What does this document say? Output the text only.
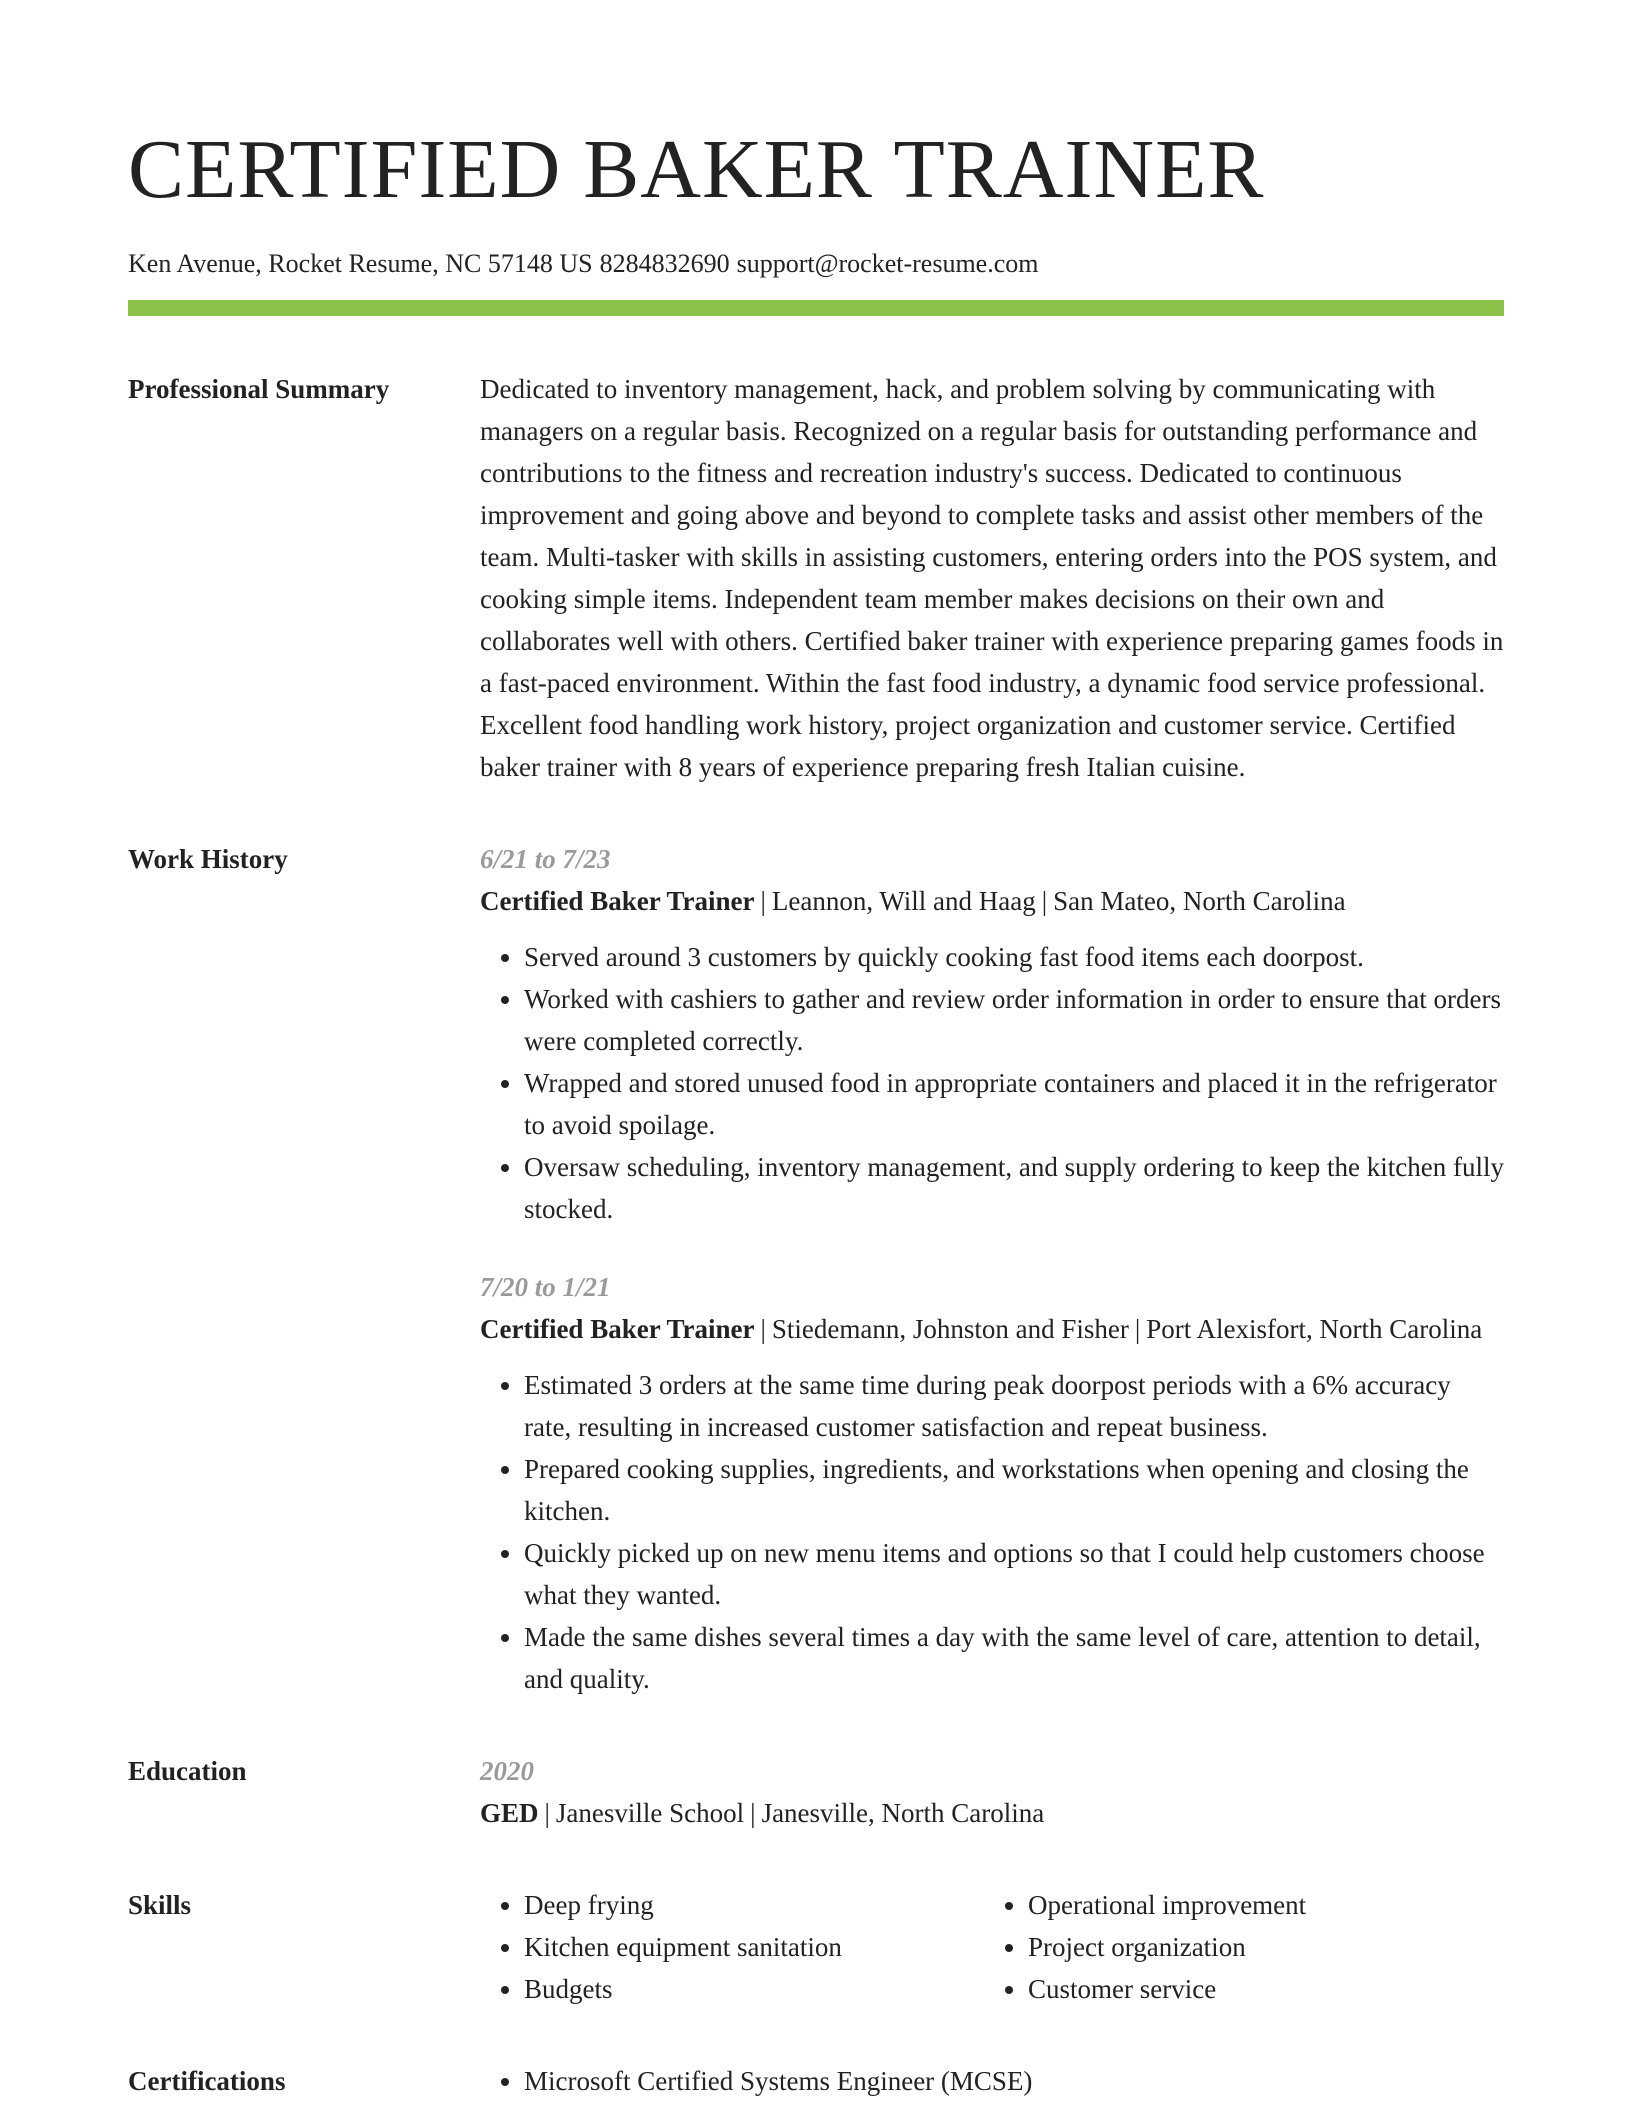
CERTIFIED BAKER TRAINER
Ken Avenue, Rocket Resume, NC 57148 US 8284832690 support@rocket-resume.com
Professional Summary	Dedicated to inventory management, hack, and problem solving by communicating with managers on a regular basis. Recognized on a regular basis for outstanding performance and contributions to the fitness and recreation industry's success. Dedicated to continuous improvement and going above and beyond to complete tasks and assist other members of the team. Multi-tasker with skills in assisting customers, entering orders into the POS system, and cooking simple items. Independent team member makes decisions on their own and collaborates well with others. Certified baker trainer with experience preparing games foods in a fast-paced environment. Within the fast food industry, a dynamic food service professional. Excellent food handling work history, project organization and customer service. Certified baker trainer with 8 years of experience preparing fresh Italian cuisine.

Work History	6/21 to 7/23
Certified Baker Trainer | Leannon, Will and Haag | San Mateo, North Carolina
• Served around 3 customers by quickly cooking fast food items each doorpost.
• Worked with cashiers to gather and review order information in order to ensure that orders were completed correctly.
• Wrapped and stored unused food in appropriate containers and placed it in the refrigerator to avoid spoilage.
• Oversaw scheduling, inventory management, and supply ordering to keep the kitchen fully stocked.
7/20 to 1/21
Certified Baker Trainer | Stiedemann, Johnston and Fisher | Port Alexisfort, North Carolina
• Estimated 3 orders at the same time during peak doorpost periods with a 6% accuracy rate, resulting in increased customer satisfaction and repeat business.
• Prepared cooking supplies, ingredients, and workstations when opening and closing the kitchen.
• Quickly picked up on new menu items and options so that I could help customers choose what they wanted.
• Made the same dishes several times a day with the same level of care, attention to detail, and quality.
Education	2020
GED | Janesville School | Janesville, North Carolina
Skills	• Deep frying
• Kitchen equipment sanitation
• Budgets
• Operational improvement
• Project organization
• Customer service
Certifications	• Microsoft Certified Systems Engineer (MCSE)
